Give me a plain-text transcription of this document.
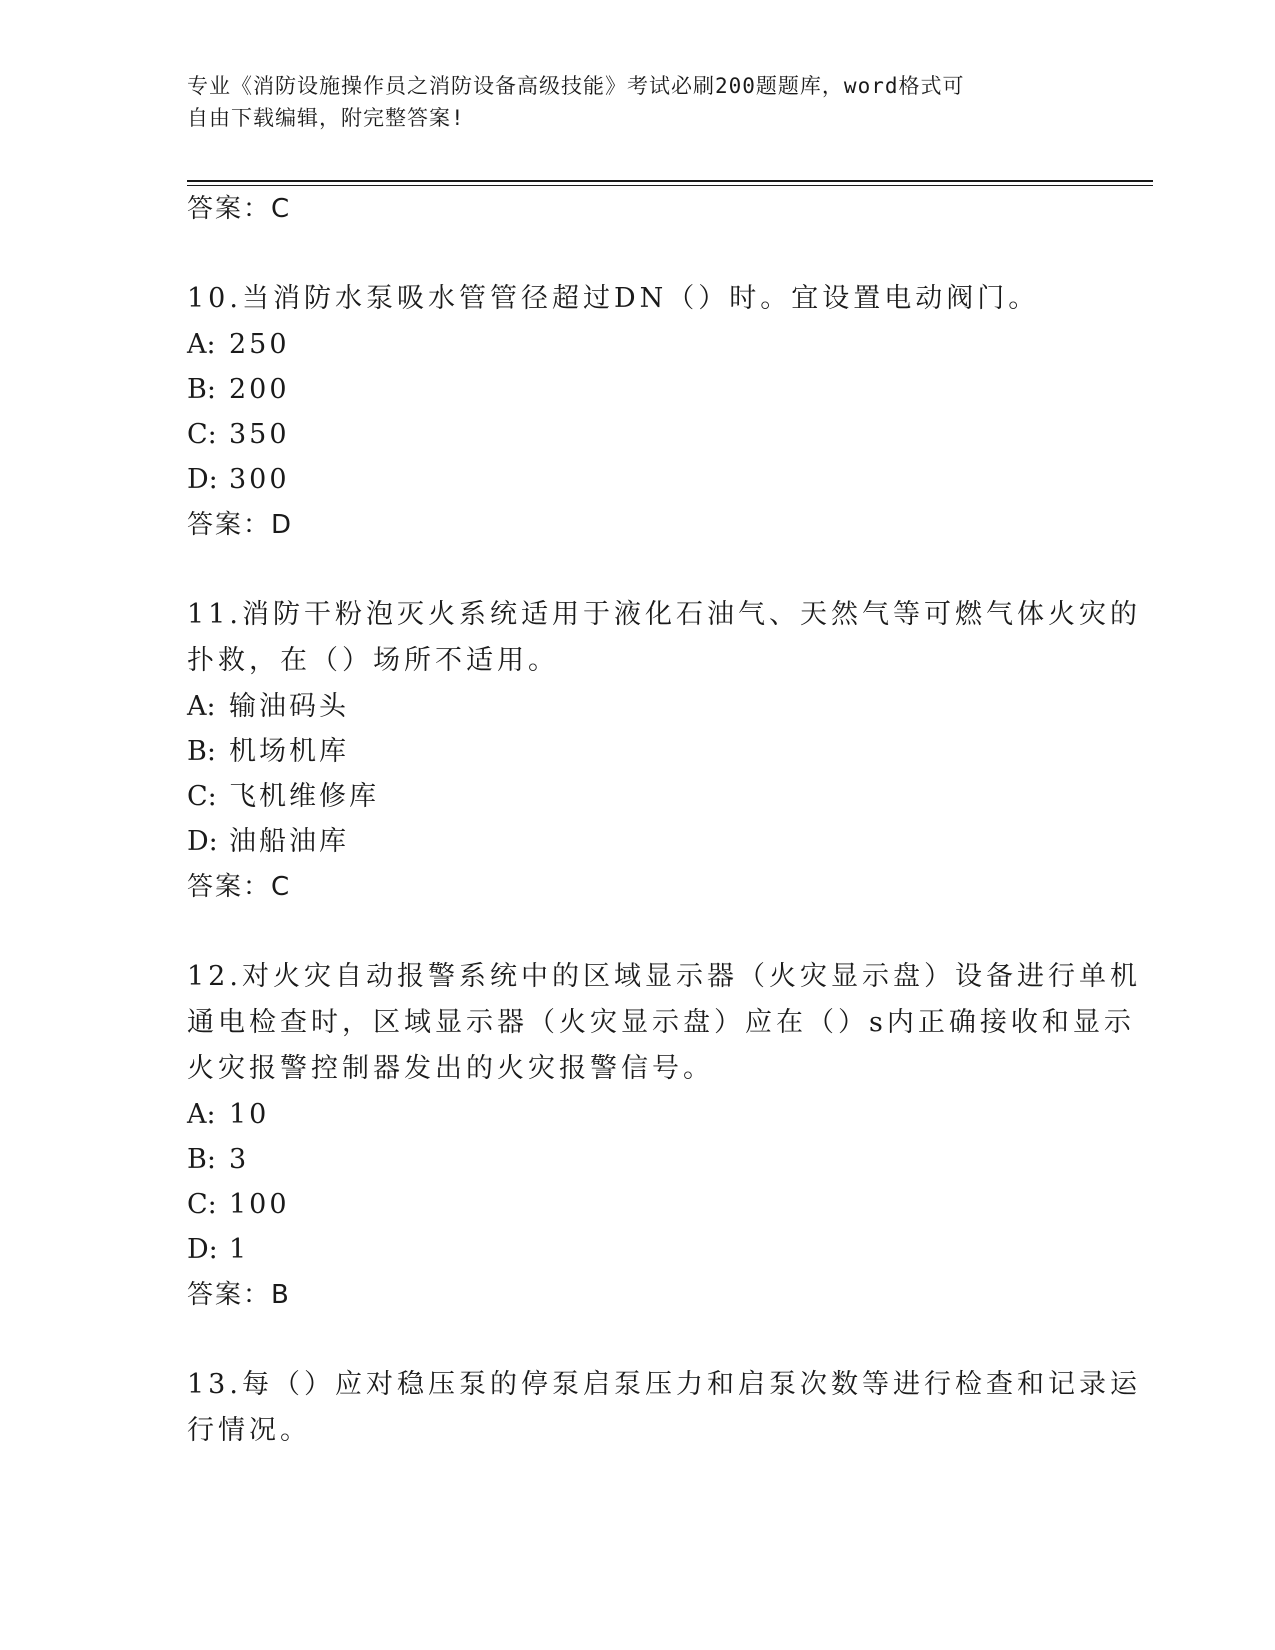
专业《消防设施操作员之消防设备高级技能》考试必刷200题题库，word格式可
自由下载编辑，附完整答案!
答案：C
10.当消防水泵吸水管管径超过DN（）时。宜设置电动阀门。
A: 250
B: 200
C: 350
D: 300
答案：D
11.消防干粉泡灭火系统适用于液化石油气、天然气等可燃气体火灾的
扑救，在（）场所不适用。
A: 输油码头
B: 机场机库
C: 飞机维修库
D: 油船油库
答案：C
12.对火灾自动报警系统中的区域显示器（火灾显示盘）设备进行单机
通电检查时，区域显示器（火灾显示盘）应在（）s内正确接收和显示
火灾报警控制器发出的火灾报警信号。
A: 10
B: 3
C: 100
D: 1
答案：B
13.每（）应对稳压泵的停泵启泵压力和启泵次数等进行检查和记录运
行情况。
